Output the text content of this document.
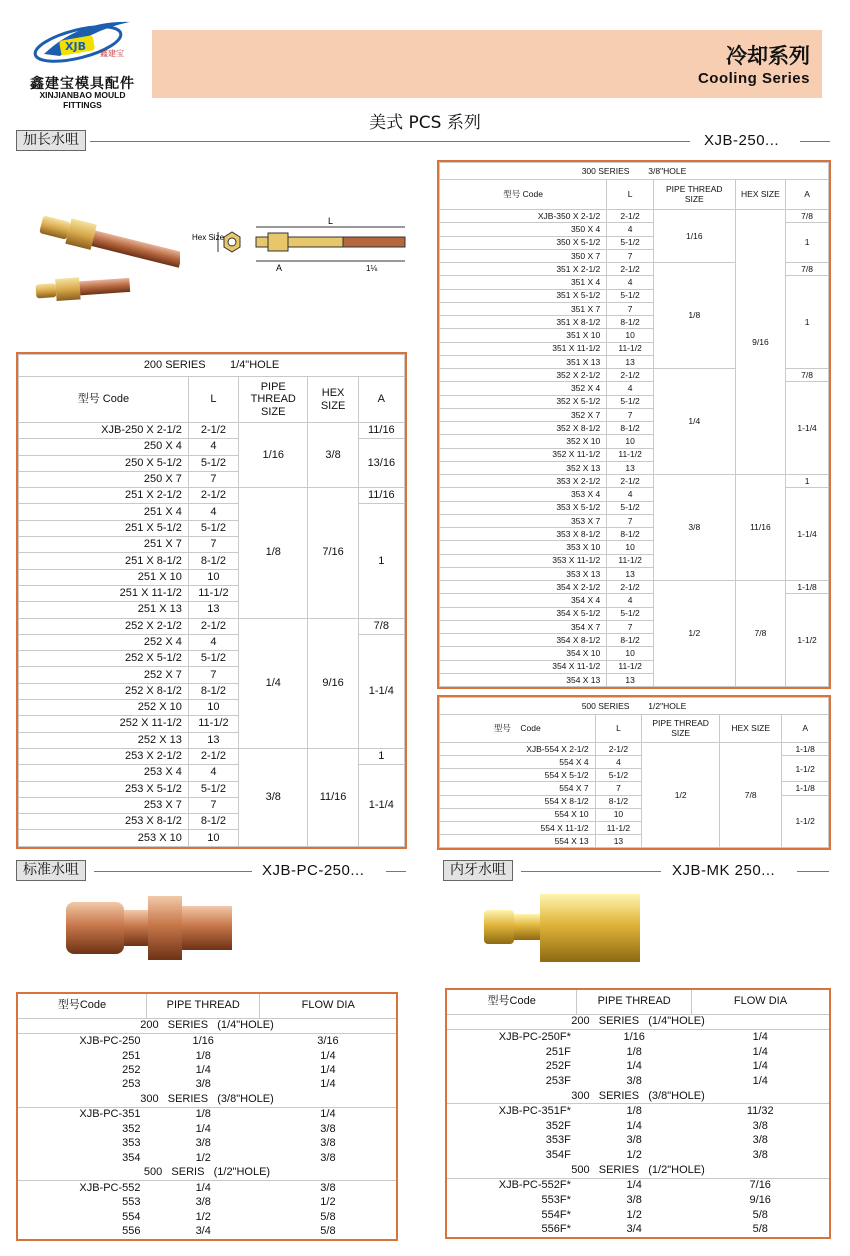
XJB
鑫建宝
鑫建宝模具配件
XINJIANBAO MOULD FITTINGS
冷却系列
Cooling Series
美式 PCS 系列
加长水咀	XJB-250...
Hex Size
L
A	1⅛
200 SERIES        1/4"HOLE				
型号 Code	L	PIPE THREAD SIZE	HEX SIZE	A
XJB-250 X 2-1/2	2-1/2	1/16	3/8	11/16
250 X 4	4			13/16
250 X 5-1/2	5-1/2			
250 X 7	7			
251 X 2-1/2	2-1/2	1/8	7/16	11/16
251 X 4	4			1
251 X 5-1/2	5-1/2			
251 X 7	7			
251 X 8-1/2	8-1/2			
251 X 10	10			
251 X 11-1/2	11-1/2			
251 X 13	13			
252 X 2-1/2	2-1/2	1/4	9/16	7/8
252 X 4	4			1-1/4
252 X 5-1/2	5-1/2			
252 X 7	7			
252 X 8-1/2	8-1/2			
252 X 10	10			
252 X 11-1/2	11-1/2			
252 X 13	13			
253 X 2-1/2	2-1/2	3/8	11/16	1
253 X 4	4			1-1/4
253 X 5-1/2	5-1/2			
253 X 7	7			
253 X 8-1/2	8-1/2			
253 X 10	10			
300 SERIES        3/8"HOLE				
型号 Code	L	PIPE THREAD SIZE	HEX SIZE	A
XJB-350 X 2-1/2	2-1/2	1/16	9/16	7/8
350 X 4	4			1
350 X 5-1/2	5-1/2			
350 X 7	7			
351 X 2-1/2	2-1/2	1/8		7/8
351 X 4	4			1
351 X 5-1/2	5-1/2			
351 X 7	7			
351 X 8-1/2	8-1/2			
351 X 10	10			
351 X 11-1/2	11-1/2			
351 X 13	13			
352 X 2-1/2	2-1/2	1/4		7/8
352 X 4	4			1-1/4
352 X 5-1/2	5-1/2			
352 X 7	7			
352 X 8-1/2	8-1/2			
352 X 10	10			
352 X 11-1/2	11-1/2			
352 X 13	13			
353 X 2-1/2	2-1/2	3/8	11/16	1
353 X 4	4			1-1/4
353 X 5-1/2	5-1/2			
353 X 7	7			
353 X 8-1/2	8-1/2			
353 X 10	10			
353 X 11-1/2	11-1/2			
353 X 13	13			
354 X 2-1/2	2-1/2	1/2	7/8	1-1/8
354 X 4	4			1-1/2
354 X 5-1/2	5-1/2			
354 X 7	7			
354 X 8-1/2	8-1/2			
354 X 10	10			
354 X 11-1/2	11-1/2			
354 X 13	13			
500 SERIES        1/2"HOLE				
型号    Code	L	PIPE THREAD SIZE	HEX SIZE	A
XJB-554 X 2-1/2	2-1/2	1/2	7/8	1-1/8
554 X 4	4			1-1/2
554 X 5-1/2	5-1/2			
554 X 7	7			1-1/8
554 X 8-1/2	8-1/2			1-1/2
554 X 10	10			
554 X 11-1/2	11-1/2			
554 X 13	13			
标准水咀	XJB-PC-250...	内牙水咀	XJB-MK 250...
型号Code	PIPE THREAD	FLOW DIA
200   SERIES   (1/4"HOLE)		
XJB-PC-250	1/16	3/16
251	1/8	1/4
252	1/4	1/4
253	3/8	1/4
300   SERIES   (3/8"HOLE)		
XJB-PC-351	1/8	1/4
352	1/4	3/8
353	3/8	3/8
354	1/2	3/8
500   SERIS   (1/2"HOLE)		
XJB-PC-552	1/4	3/8
553	3/8	1/2
554	1/2	5/8
556	3/4	5/8
型号Code	PIPE THREAD	FLOW DIA
200   SERIES   (1/4"HOLE)		
XJB-PC-250F*	1/16	1/4
251F	1/8	1/4
252F	1/4	1/4
253F	3/8	1/4
300   SERIES   (3/8"HOLE)		
XJB-PC-351F*	1/8	11/32
352F	1/4	3/8
353F	3/8	3/8
354F	1/2	3/8
500   SERIES   (1/2"HOLE)		
XJB-PC-552F*	1/4	7/16
553F*	3/8	9/16
554F*	1/2	5/8
556F*	3/4	5/8
